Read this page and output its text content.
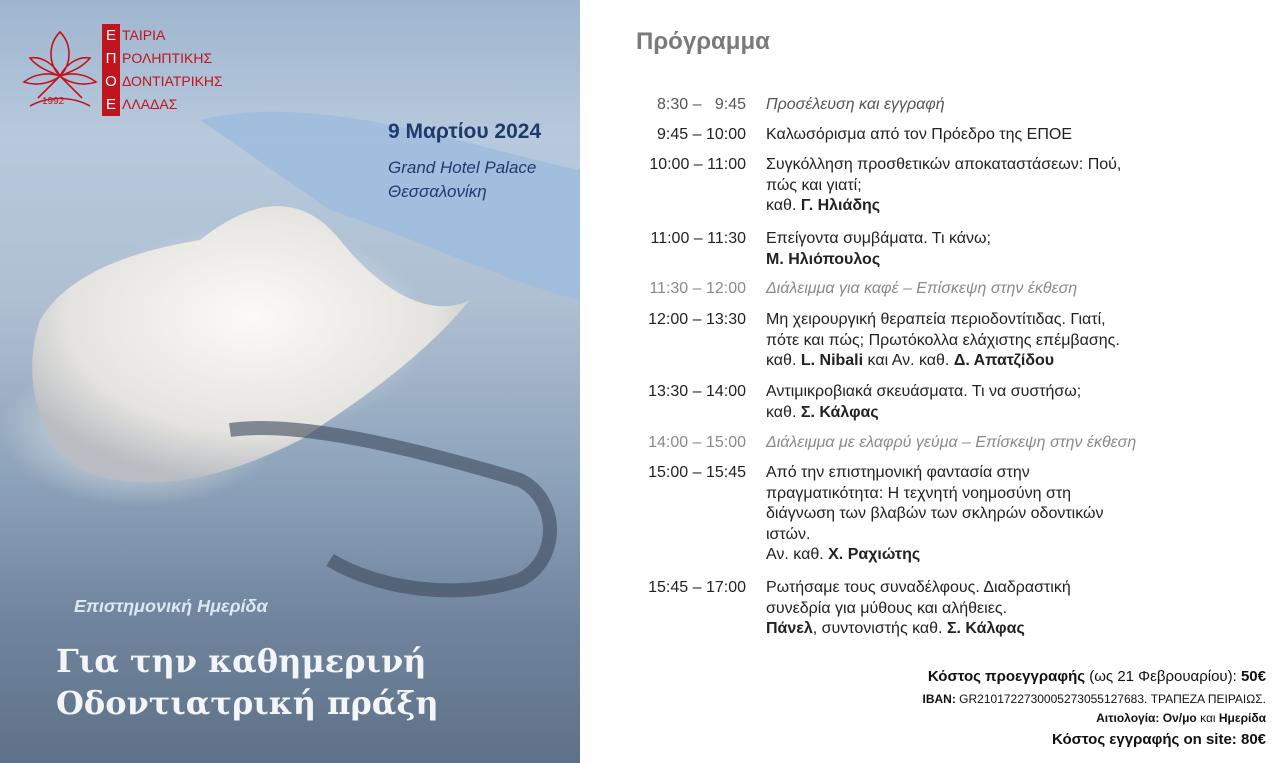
1992
Ε
Π
Ο
Ε
ΤΑΙΡΙΑ
ΡΟΛΗΠΤΙΚΗΣ
ΔΟΝΤΙΑΤΡΙΚΗΣ
ΛΛΑΔΑΣ
9 Μαρτίου 2024
Grand Hotel Palace
Θεσσαλονίκη
Επιστημονική Ημερίδα
Για την καθημερινή
Οδοντιατρική πράξη
Πρόγραμμα
8:30 –   9:45 Προσέλευση και εγγραφή
9:45 – 10:00 Καλωσόρισμα από τον Πρόεδρο της ΕΠΟΕ
10:00 – 11:00 Συγκόλληση προσθετικών αποκαταστάσεων: Πού,
πώς και γιατί;
καθ. Γ. Ηλιάδης
11:00 – 11:30 Επείγοντα συμβάματα. Τι κάνω;
Μ. Ηλιόπουλος
11:30 – 12:00 Διάλειμμα για καφέ – Επίσκεψη στην έκθεση
12:00 – 13:30 Μη χειρουργική θεραπεία περιοδοντίτιδας. Γιατί,
πότε και πώς; Πρωτόκολλα ελάχιστης επέμβασης.
καθ. L. Nibali και Αν. καθ. Δ. Απατζίδου
13:30 – 14:00 Αντιμικροβιακά σκευάσματα. Τι να συστήσω;
καθ. Σ. Κάλφας
14:00 – 15:00 Διάλειμμα με ελαφρύ γεύμα – Επίσκεψη στην έκθεση
15:00 – 15:45 Από την επιστημονική φαντασία στην
πραγματικότητα: Η τεχνητή νοημοσύνη στη
διάγνωση των βλαβών των σκληρών οδοντικών
ιστών.
Αν. καθ. Χ. Ραχιώτης
15:45 – 17:00 Ρωτήσαμε τους συναδέλφους. Διαδραστική
συνεδρία για μύθους και αλήθειες.
Πάνελ, συντονιστής καθ. Σ. Κάλφας
Κόστος προεγγραφής (ως 21 Φεβρουαρίου): 50€
IBAN: GR2101722730005273055127683. ΤΡΑΠΕΖΑ ΠΕΙΡΑΙΩΣ.
Αιτιολογία: Ον/μο και Ημερίδα
Κόστος εγγραφής on site: 80€
